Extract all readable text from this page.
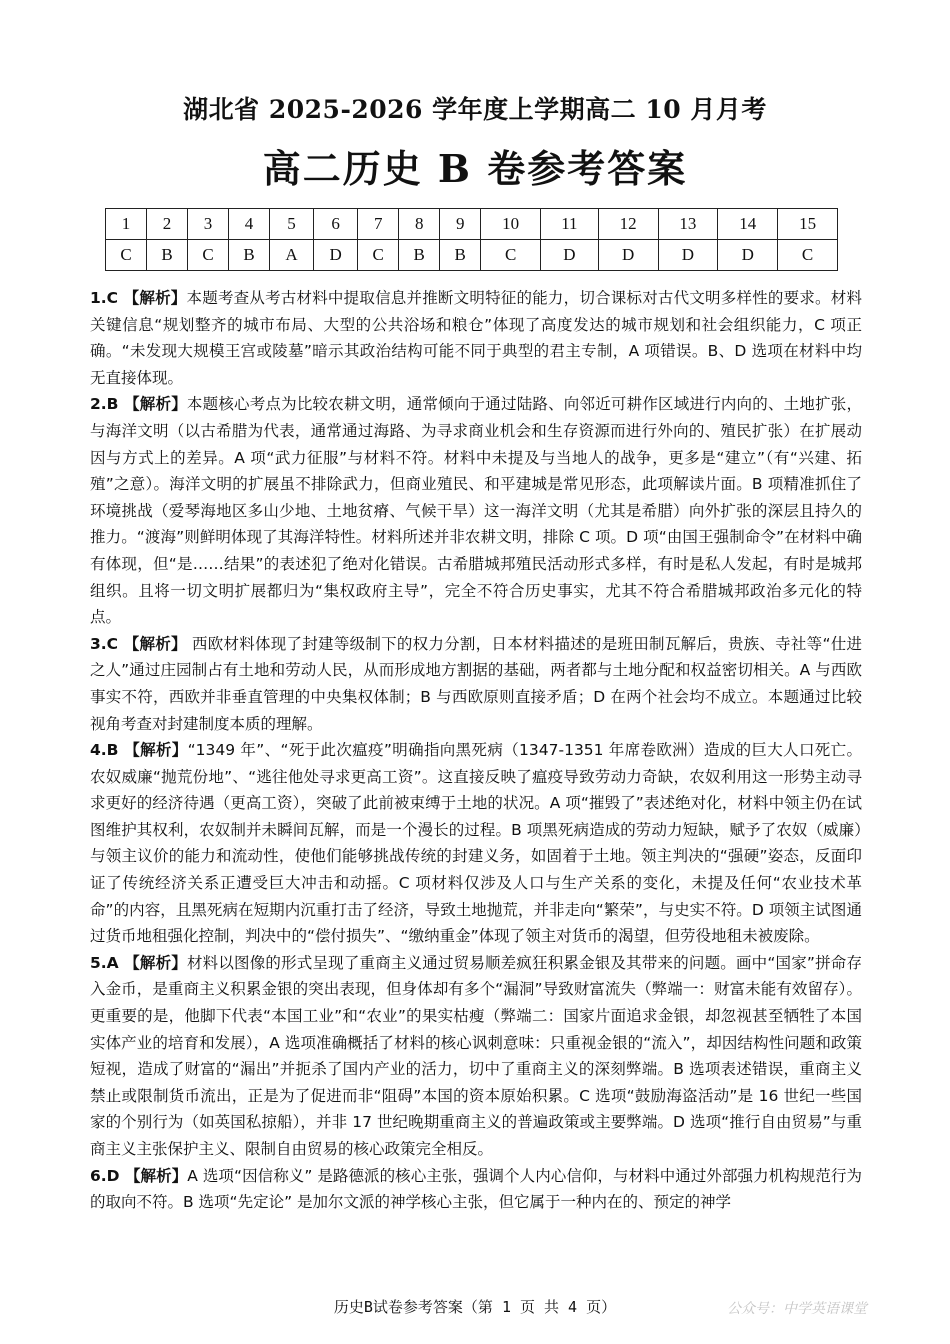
湖北省 2025-2026 学年度上学期高二 10 月月考
高二历史 B 卷参考答案
1	2	3	4	5	6	7	8	9	10	11	12	13	14	15
C	B	C	B	A	D	C	B	B	C	D	D	D	D	C

1.C 【解析】本题考查从考古材料中提取信息并推断文明特征的能力，切合课标对古代文明多样性的要求。材料关键信息“规划整齐的城市布局、大型的公共浴场和粮仓”体现了高度发达的城市规划和社会组织能力，C 项正确。“未发现大规模王宫或陵墓”暗示其政治结构可能不同于典型的君主专制，A 项错误。B、D 选项在材料中均无直接体现。

2.B 【解析】本题核心考点为比较农耕文明，通常倾向于通过陆路、向邻近可耕作区域进行内向的、土地扩张，与海洋文明（以古希腊为代表，通常通过海路、为寻求商业机会和生存资源而进行外向的、殖民扩张）在扩展动因与方式上的差异。A 项“武力征服”与材料不符。材料中未提及与当地人的战争，更多是“建立”（有“兴建、拓殖”之意）。海洋文明的扩展虽不排除武力，但商业殖民、和平建城是常见形态，此项解读片面。B 项精准抓住了环境挑战（爱琴海地区多山少地、土地贫瘠、气候干旱）这一海洋文明（尤其是希腊）向外扩张的深层且持久的推力。“渡海”则鲜明体现了其海洋特性。材料所述并非农耕文明，排除 C 项。D 项“由国王强制命令”在材料中确有体现，但“是……结果”的表述犯了绝对化错误。古希腊城邦殖民活动形式多样，有时是私人发起，有时是城邦组织。且将一切文明扩展都归为“集权政府主导”，完全不符合历史事实，尤其不符合希腊城邦政治多元化的特点。

3.C 【解析】 西欧材料体现了封建等级制下的权力分割，日本材料描述的是班田制瓦解后，贵族、寺社等“仕进之人”通过庄园制占有土地和劳动人民，从而形成地方割据的基础，两者都与土地分配和权益密切相关。A 与西欧事实不符，西欧并非垂直管理的中央集权体制；B 与西欧原则直接矛盾；D 在两个社会均不成立。本题通过比较视角考查对封建制度本质的理解。

4.B 【解析】“1349 年”、“死于此次瘟疫”明确指向黑死病（1347-1351 年席卷欧洲）造成的巨大人口死亡。农奴威廉“抛荒份地”、“逃往他处寻求更高工资”。这直接反映了瘟疫导致劳动力奇缺，农奴利用这一形势主动寻求更好的经济待遇（更高工资），突破了此前被束缚于土地的状况。A 项“摧毁了”表述绝对化，材料中领主仍在试图维护其权利，农奴制并未瞬间瓦解，而是一个漫长的过程。B 项黑死病造成的劳动力短缺，赋予了农奴（威廉）与领主议价的能力和流动性，使他们能够挑战传统的封建义务，如固着于土地。领主判决的“强硬”姿态，反面印证了传统经济关系正遭受巨大冲击和动摇。C 项材料仅涉及人口与生产关系的变化，未提及任何“农业技术革命”的内容，且黑死病在短期内沉重打击了经济，导致土地抛荒，并非走向“繁荣”，与史实不符。D 项领主试图通过货币地租强化控制，判决中的“偿付损失”、“缴纳重金”体现了领主对货币的渴望，但劳役地租未被废除。

5.A 【解析】材料以图像的形式呈现了重商主义通过贸易顺差疯狂积累金银及其带来的问题。画中“国家”拼命存入金币，是重商主义积累金银的突出表现，但身体却有多个“漏洞”导致财富流失（弊端一：财富未能有效留存）。更重要的是，他脚下代表“本国工业”和“农业”的果实枯瘦（弊端二：国家片面追求金银，却忽视甚至牺牲了本国实体产业的培育和发展），A 选项准确概括了材料的核心讽刺意味：只重视金银的“流入”，却因结构性问题和政策短视，造成了财富的“漏出”并扼杀了国内产业的活力，切中了重商主义的深刻弊端。B 选项表述错误，重商主义禁止或限制货币流出，正是为了促进而非“阻碍”本国的资本原始积累。C 选项“鼓励海盗活动”是 16 世纪一些国家的个别行为（如英国私掠船），并非 17 世纪晚期重商主义的普遍政策或主要弊端。D 选项“推行自由贸易”与重商主义主张保护主义、限制自由贸易的核心政策完全相反。

6.D 【解析】A 选项“因信称义” 是路德派的核心主张，强调个人内心信仰，与材料中通过外部强力机构规范行为的取向不符。B 选项“先定论” 是加尔文派的神学核心主张，但它属于一种内在的、预定的神学

历史B试卷参考答案（第 1 页 共 4 页）	公众号：中学英语课堂
